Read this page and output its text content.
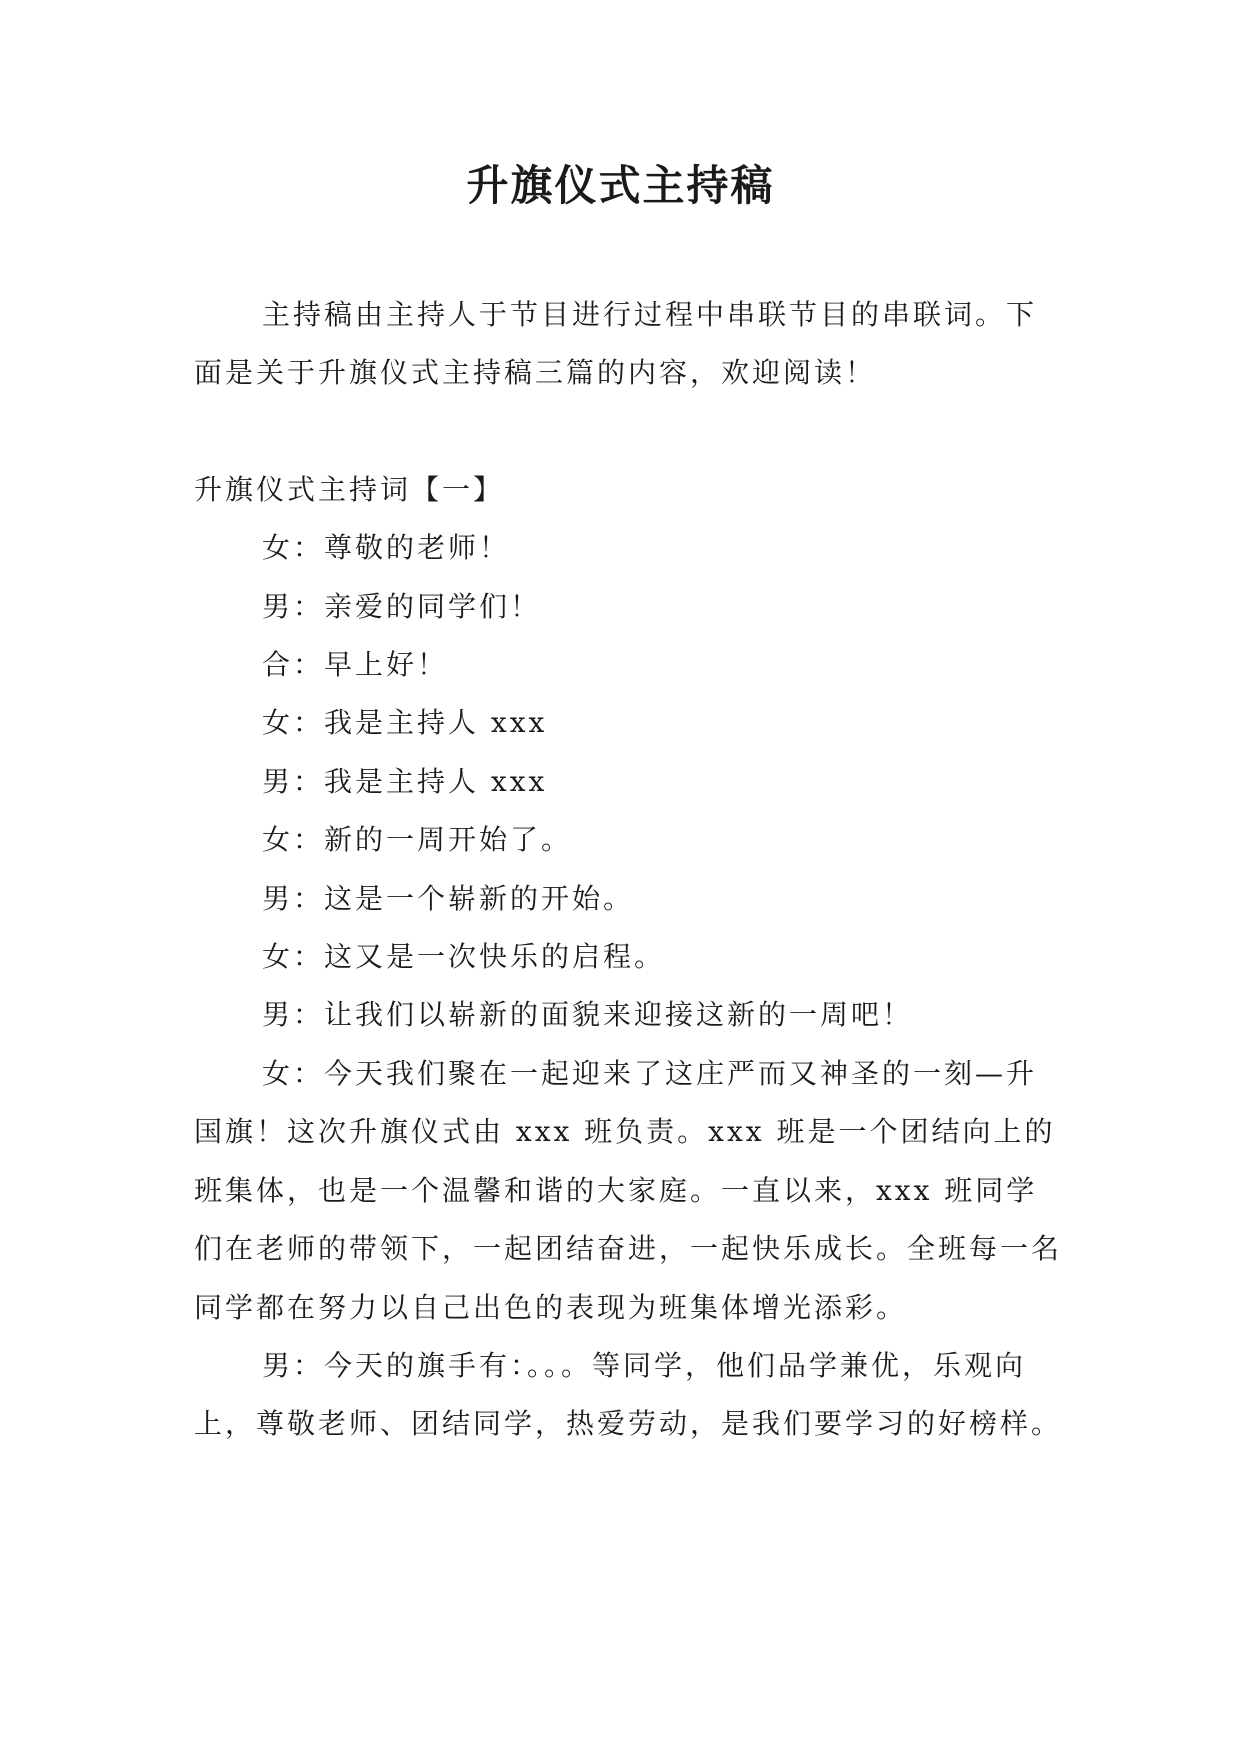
升旗仪式主持稿

主持稿由主持人于节目进行过程中串联节目的串联词。下面是关于升旗仪式主持稿三篇的内容，欢迎阅读！

升旗仪式主持词【一】

女：尊敬的老师！

男：亲爱的同学们！

合：早上好！

女：我是主持人 xxx

男：我是主持人 xxx

女：新的一周开始了。

男：这是一个崭新的开始。

女：这又是一次快乐的启程。

男：让我们以崭新的面貌来迎接这新的一周吧！

女：今天我们聚在一起迎来了这庄严而又神圣的一刻—升国旗！这次升旗仪式由 xxx 班负责。xxx 班是一个团结向上的班集体，也是一个温馨和谐的大家庭。一直以来，xxx 班同学们在老师的带领下，一起团结奋进，一起快乐成长。全班每一名同学都在努力以自己出色的表现为班集体增光添彩。

男：今天的旗手有：。。。等同学，他们品学兼优，乐观向上，尊敬老师、团结同学，热爱劳动，是我们要学习的好榜样。
